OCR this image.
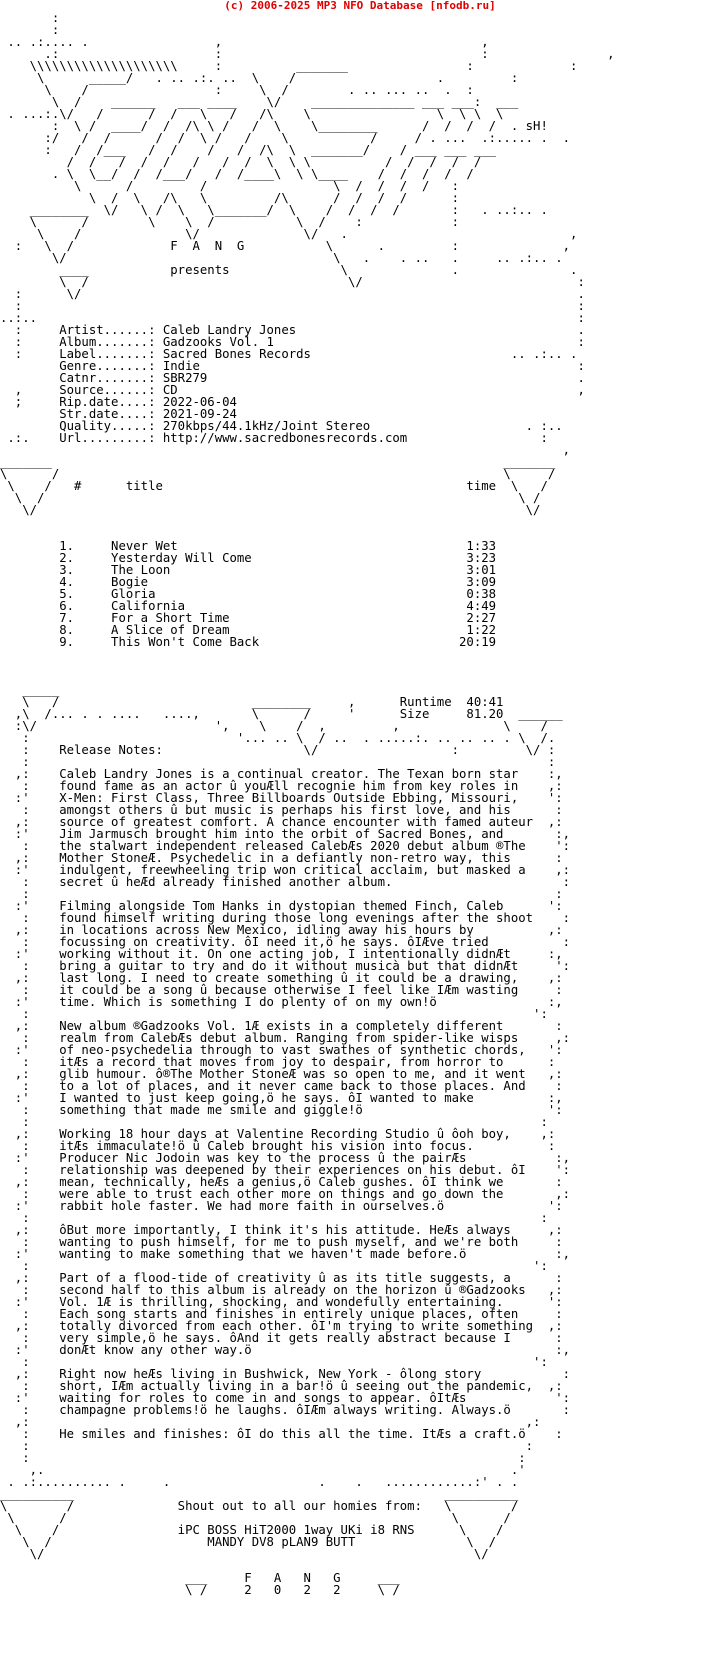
(c) 2006-2025 MP3 NFO Database [nfodb.ru]
:
:
.. .:.... .                 ,                                   ,
.:                     :                                   :                ,
\\\\\\\\\\\\\\\\\\\\     :          _______                :             :
\      _____/   . .. .:. ..  \    /                   .         :
\    /                 :     \  /        . .. ... ..  .  :
\  /    ______   ___ ____    \/    ______________ ___ ___:  ___
. ...:.\/   /      /  /   \   /   /\    \                 \  \ \  \
:  \ /  ____/  /  /\ \ /   /  \    \________      /  /  /  /  . sH!
:/   /  /      /  /  \ /   /    \           /     / . ...  .:..... .  .
:   /  /___   /  /    /   /  /\  \  _______/    / ___ ___ ___
/  /   /  /  /   /   /  /  \  \ \          /  /  /  /  /
. \  \__/  /  /___/   /  /____\  \ \____    /  /  /  /  /
\      /         /                 \  /  /  /  /   :
\  /  \   /\   \         /\      /  /  /  /      :
________  \/   \ /  \   \_______/  \    /  /  /  /       :   . ..:.. .
\      /        \    \  /           \  /    :            :
\    /              \/              \/   .                              ,
:   \  /             F  A  N  G           \      .         :              ,
\/                                    \   .    . ..   .     .. .:.. .
____           presents               \              .               .
\  /                                   \/                             :
:      \/                                                                   .
:                                                                           :
..:..                                                                         :
:     Artist......: Caleb Landry Jones                                      .
:     Album.......: Gadzooks Vol. 1                                         :
:     Label.......: Sacred Bones Records                           .. .:.. .
Genre.......: Indie                                                   :
Catnr.......: SBR279                                                  .
,     Source......: CD                                                      ,
;     Rip.date....: 2022-06-04
Str.date....: 2021-09-24
Quality.....: 270kbps/44.1kHz/Joint Stereo                     . :..
.:.    Url.........: http://www.sacredbonesrecords.com                  :
,
_______                                                             _______
\      /                                                            \     /
\    /   #      title                                         time  \   /
\  /                                                                \ /
\/                                                                  \/

1.     Never Wet                                       1:33
2.     Yesterday Will Come                             3:23
3.     The Loon                                        3:01
4.     Bogie                                           3:09
5.     Gloria                                          0:38
6.     California                                      4:49
7.     For a Short Time                                2:27
8.     A Slice of Dream                                1:22
9.     This Won't Come Back                           20:19

_____
\   /                          ________     ,      Runtime  40:41
,\  /... . . ....   ....,       \      /     '      Size     81.20  ______
:\/                        ',    \    /  ,         ,              \    /
:                            '... .. \  / ..  . .....:. .. .. .. . \  /.
:    Release Notes:                   \/                  :         \/ :
:                                                                      :
,:    Caleb Landry Jones is a continual creator. The Texan born star    :,
:    found fame as an actor û youÆll recognie him from key roles in    ,:
:'    X-Men: First Class, Three Billboards Outside Ebbing, Missouri,    ':
:    amongst others û but music is perhaps his first love, and his      :
,:    source of greatest comfort. A chance encounter with famed auteur  ,:
:'    Jim Jarmusch brought him into the orbit of Sacred Bones, and       :,
:    the stalwart independent released CalebÆs 2020 debut album ®The    ':
,:    Mother StoneÆ. Psychedelic in a defiantly non-retro way, this      :
:'    indulgent, freewheeling trip won critical acclaim, but masked a    ,:
:    secret û heÆd already finished another album.                       :
:                                                                       :
:'    Filming alongside Tom Hanks in dystopian themed Finch, Caleb      ':
:    found himself writing during those long evenings after the shoot    :
,:    in locations across New Mexico, idling away his hours by          ,:
:    focussing on creativity. ôI need it,ö he says. ôIÆve tried          :
:'    working without it. On one acting job, I intentionally didnÆt     :,
:    bring a guitar to try and do it without musicà but that didnÆt     ':
,:    last long. I need to create something û it could be a drawing,    ,:
:    it could be a song û because otherwise I feel like IÆm wasting     :
:'    time. Which is something I do plenty of on my own!ö               :,
:                                                                    ':
,:    New album ®Gadzooks Vol. 1Æ exists in a completely different       :
:    realm from CalebÆs debut album. Ranging from spider-like wisps     ,:
:'    of neo-psychedelia through to vast swathes of synthetic chords,   ':
:    itÆs a record that moves from joy to despair, from horror to      :
,:    glib humour. ô®The Mother StoneÆ was so open to me, and it went   ,:
:    to a lot of places, and it never came back to those places. And    :
:'    I wanted to just keep going,ö he says. ôI wanted to make          :,
:    something that made me smile and giggle!ö                         ':
:                                                                     :
,:    Working 18 hour days at Valentine Recording Studio û ôoh boy,    ,:
:    itÆs immaculate!ö û Caleb brought his vision into focus.          :
:'    Producer Nic Jodoin was key to the process û the pairÆs            :,
:    relationship was deepened by their experiences on his debut. ôI    ':
,:    mean, technically, heÆs a genius,ö Caleb gushes. ôI think we       :
:    were able to trust each other more on things and go down the       ,:
:'    rabbit hole faster. We had more faith in ourselves.ö              ':
:                                                                     :
,:    ôBut more importantly, I think it's his attitude. HeÆs always     ,:
:    wanting to push himself, for me to push myself, and we're both     :
:'    wanting to make something that we haven't made before.ö            :,
:                                                                    ':
,:    Part of a flood-tide of creativity û as its title suggests, a      :
:    second half to this album is already on the horizon û ®Gadzooks   ,:
:'    Vol. 1Æ is thrilling, shocking, and wondefully entertaining.      ':
:    Each song starts and finishes in entirely unique places, often     :
,:    totally divorced from each other. ôI'm trying to write something  ,:
:    very simple,ö he says. ôAnd it gets really abstract because I      :
:'    donÆt know any other way.ö                                         :,
:                                                                    ':
,:    Right now heÆs living in Bushwick, New York - ôlong story           :
:    short, IÆm actually living in a bar!ö û seeing out the pandemic,  ,:
:'    waiting for roles to come in and songs to appear. ôItÆs            ':
:    champagne problems!ö he laughs. ôIÆm always writing. Always.ö       :
,:                                                                   ,:
:    He smiles and finishes: ôI do this all the time. ItÆs a craft.ö    :
:                                                                   :
:                                                                  :
,.                                                               .'
. .:.......... .     .                    .    .   ............:' . .
__________                                                  __________
\        /              Shout out to all our homies from:   \        /
\      /                                                    \      /
\    /                iPC BOSS HiT2000 1way UKi i8 RNS      \    /
\  /                     MANDY DV8 pLAN9 BUTT               \  /
\/                                                          \/

___     F   A   N   G     ___
\ /     2   0   2   2     \ /
